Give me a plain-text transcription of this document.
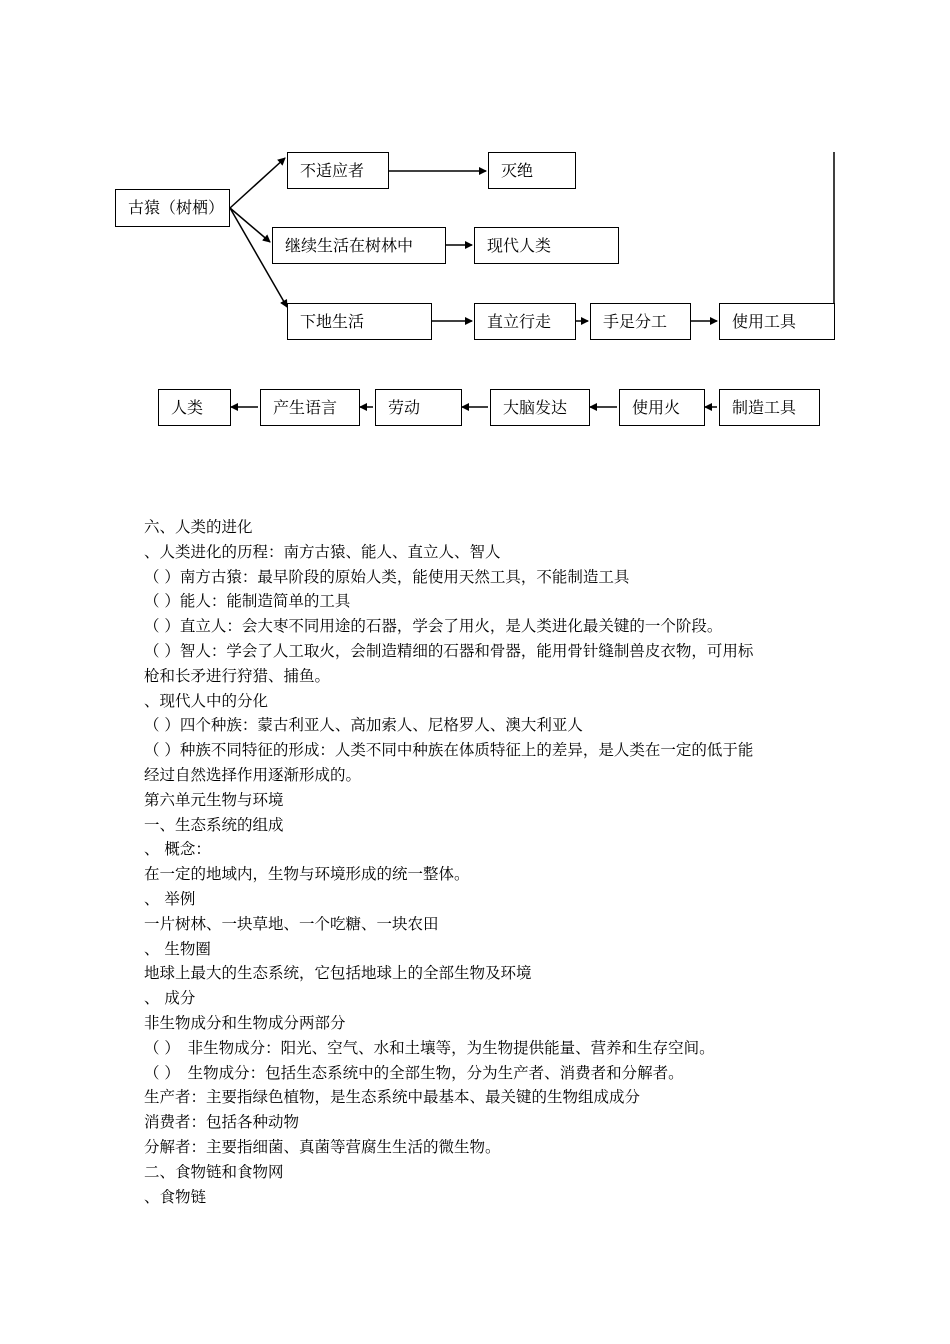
古猿（树栖）
不适应者	灭绝
继续生活在树林中	现代人类
下地生活	直立行走	手足分工	使用工具
制造工具
使用火
大脑发达
劳动
产生语言
人类
六、人类的进化
、人类进化的历程：南方古猿、能人、直立人、智人
（ ）南方古猿：最早阶段的原始人类，能使用天然工具，不能制造工具
（ ）能人：能制造简单的工具
（ ）直立人：会大枣不同用途的石器，学会了用火，是人类进化最关键的一个阶段。
（ ）智人：学会了人工取火，会制造精细的石器和骨器，能用骨针缝制兽皮衣物，可用标
枪和长矛进行狩猎、捕鱼。
、现代人中的分化
（ ）四个种族：蒙古利亚人、高加索人、尼格罗人、澳大利亚人
（ ）种族不同特征的形成：人类不同中种族在体质特征上的差异，是人类在一定的低于能
经过自然选择作用逐渐形成的。
第六单元生物与环境
一、生态系统的组成
、 概念：
在一定的地域内，生物与环境形成的统一整体。
、 举例
一片树林、一块草地、一个吃糖、一块农田
、 生物圈
地球上最大的生态系统，它包括地球上的全部生物及环境
、 成分
非生物成分和生物成分两部分
（ ）　非生物成分：阳光、空气、水和土壤等，为生物提供能量、营养和生存空间。
（ ）　生物成分：包括生态系统中的全部生物，分为生产者、消费者和分解者。
生产者：主要指绿色植物，是生态系统中最基本、最关键的生物组成成分
消费者：包括各种动物
分解者：主要指细菌、真菌等营腐生生活的微生物。
二、食物链和食物网
、食物链
